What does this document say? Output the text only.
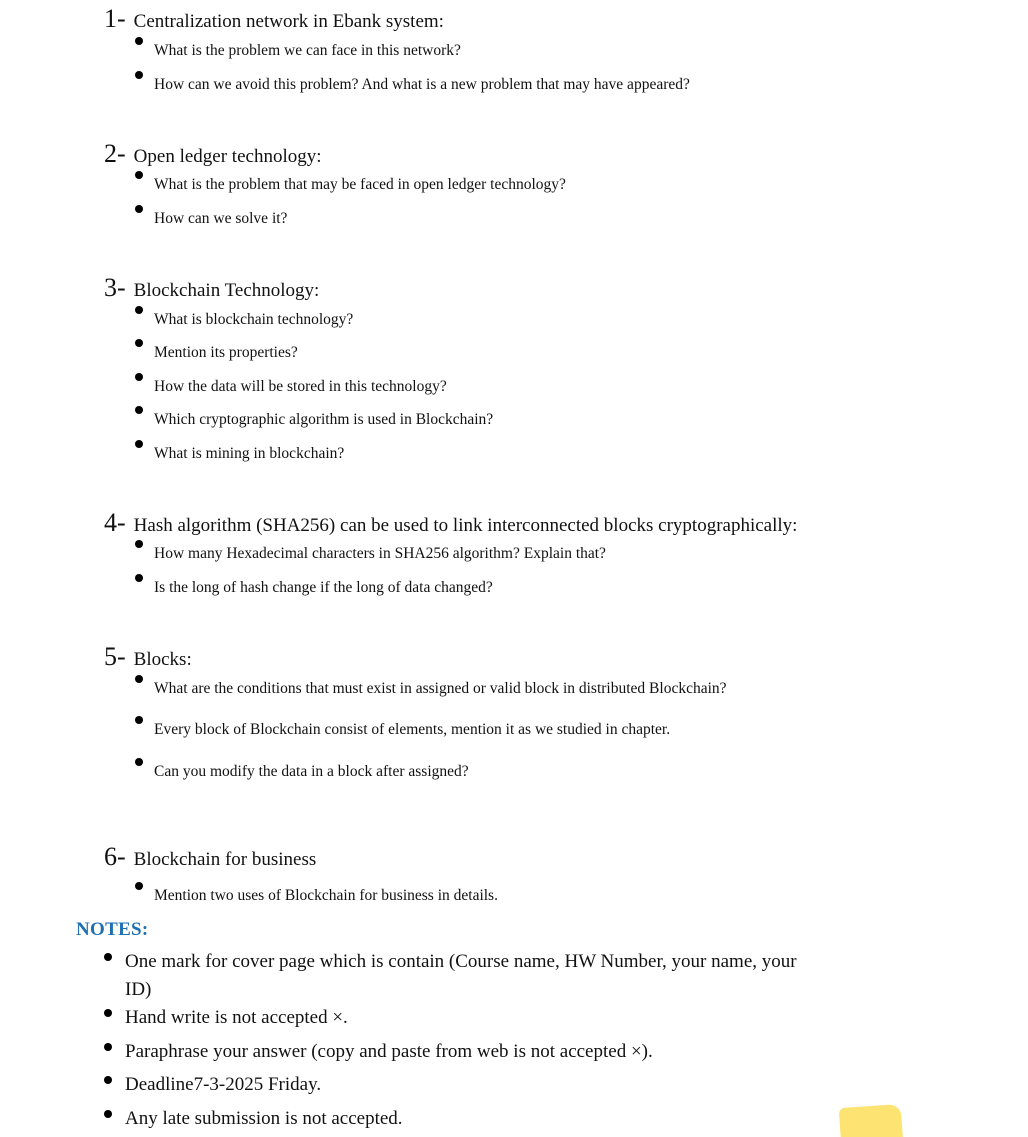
1- Centralization network in Ebank system:
What is the problem we can face in this network?
How can we avoid this problem? And what is a new problem that may have appeared?
2- Open ledger technology:
What is the problem that may be faced in open ledger technology?
How can we solve it?
3- Blockchain Technology:
What is blockchain technology?
Mention its properties?
How the data will be stored in this technology?
Which cryptographic algorithm is used in Blockchain?
What is mining in blockchain?
4- Hash algorithm (SHA256) can be used to link interconnected blocks cryptographically:
How many Hexadecimal characters in SHA256 algorithm? Explain that?
Is the long of hash change if the long of data changed?
5- Blocks:
What are the conditions that must exist in assigned or valid block in distributed Blockchain?
Every block of Blockchain consist of elements, mention it as we studied in chapter.
Can you modify the data in a block after assigned?
6- Blockchain for business
Mention two uses of Blockchain for business in details.
NOTES:
One mark for cover page which is contain (Course name, HW Number, your name, your ID)
Hand write is not accepted ×.
Paraphrase your answer (copy and paste from web is not accepted ×).
Deadline7-3-2025 Friday.
Any late submission is not accepted.
